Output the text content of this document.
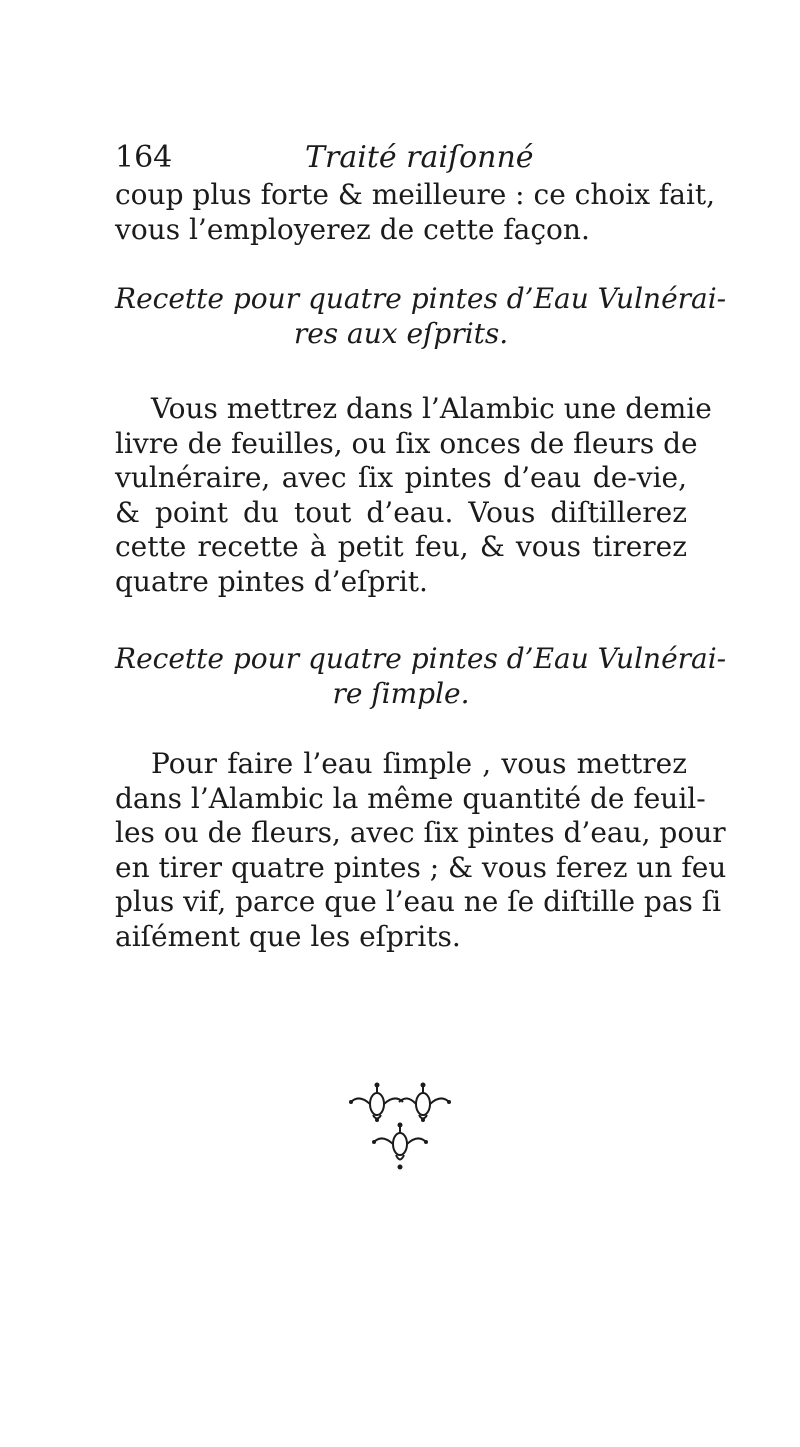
164	Traité raiſonné
coup plus forte & meilleure : ce choix fait,
vous l’employerez de cette façon.
Recette pour quatre pintes d’Eau Vulnérai-
res aux eſprits.
Vous mettrez dans l’Alambic une demie
livre de feuilles, ou ſix onces de fleurs de
vulnéraire, avec ſix pintes d’eau de-vie,
& point du tout d’eau. Vous diſtillerez
cette recette à petit feu, & vous tirerez
quatre pintes d’eſprit.
Recette pour quatre pintes d’Eau Vulnérai-
re ſimple.
Pour faire l’eau ſimple , vous mettrez
dans l’Alambic la même quantité de feuil-
les ou de fleurs, avec ſix pintes d’eau, pour
en tirer quatre pintes ; & vous ferez un feu
plus vif, parce que l’eau ne ſe diſtille pas ſi
aiſément que les eſprits.
